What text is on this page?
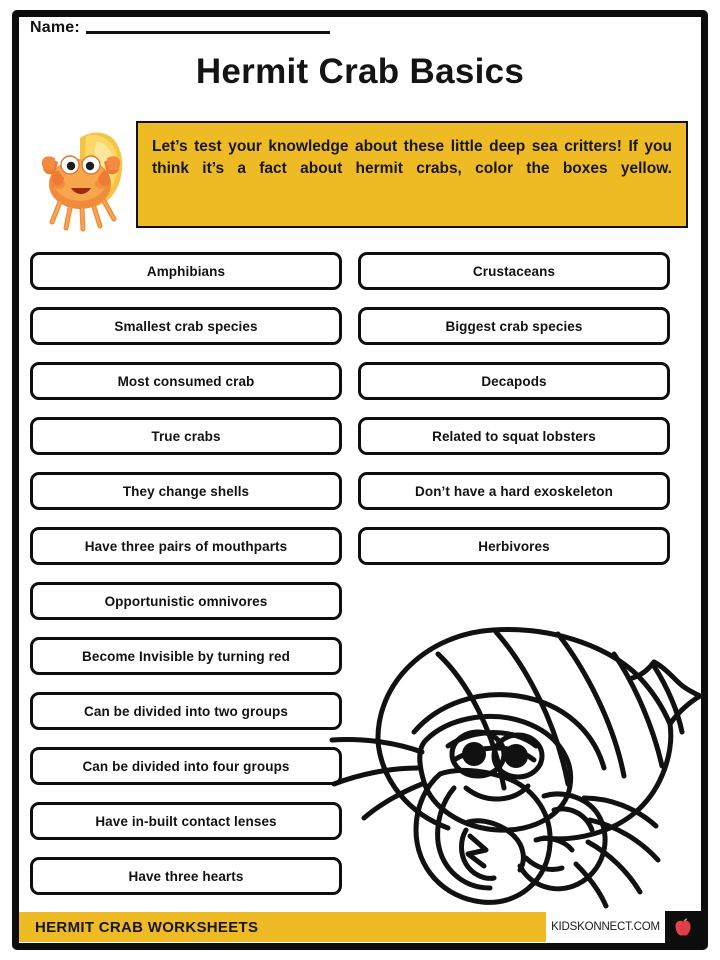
Name:
Hermit Crab Basics
Let’s test your knowledge about these little deep sea critters! If you think it’s a fact about hermit crabs, color the boxes yellow.
Amphibians
Smallest crab species
Most consumed crab
True crabs
They change shells
Have three pairs of mouthparts
Opportunistic omnivores
Become Invisible by turning red
Can be divided into two groups
Can be divided into four groups
Have in-built contact lenses
Have three hearts
Crustaceans
Biggest crab species
Decapods
Related to squat lobsters
Don’t have a hard exoskeleton
Herbivores
HERMIT CRAB WORKSHEETS	KIDSKONNECT.COM
